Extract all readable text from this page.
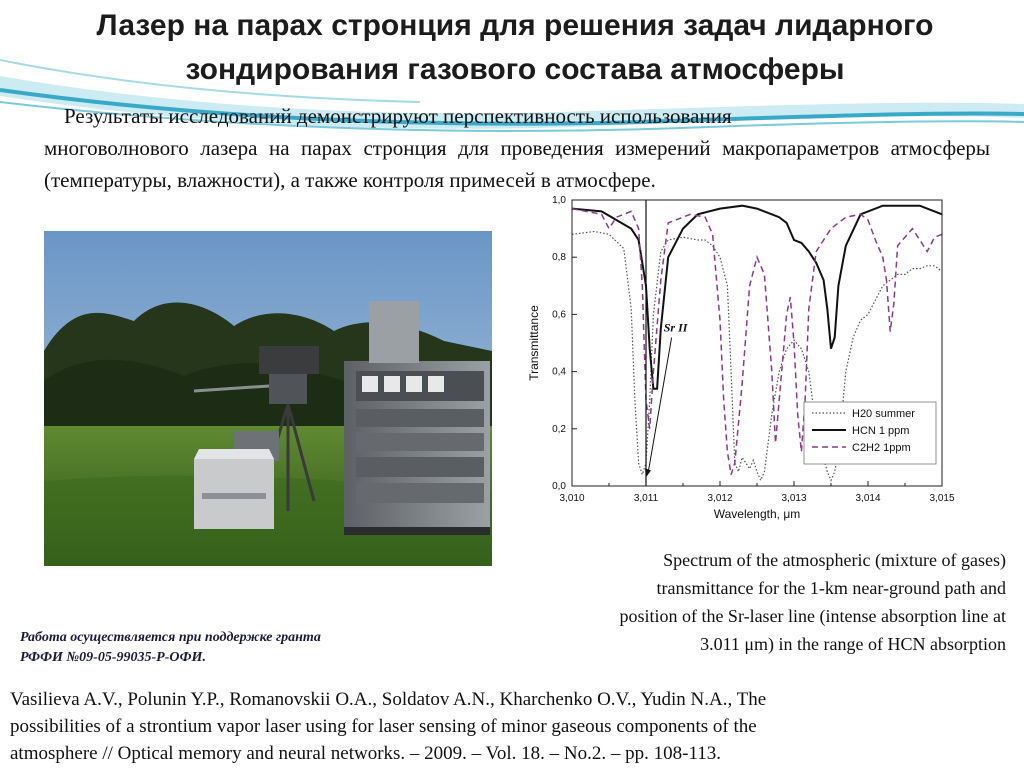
Лазер на парах стронция для решения задач лидарного
зондирования газового состава атмосферы

Результаты исследований демонстрируют перспективность использования
многоволнового лазера на парах стронция для проведения измерений макропараметров атмосферы (температуры, влажности), а также контроля примесей в атмосфере.

3,010	3,011	3,012	3,013	3,014	3,015
0,0
0,2
0,4
0,6
0,8
1,0
Sr II
H20 summer
HCN 1 ppm
C2H2 1ppm
Transmittance
Wavelength, μm

Spectrum of the atmospheric (mixture of gases)
transmittance for the 1-km near-ground path and
position of the Sr-laser line (intense absorption line at
3.011 μm) in the range of HCN absorption

Работа осуществляется при поддержке гранта
РФФИ №09-05-99035-Р-ОФИ.

Vasilieva A.V., Polunin Y.P., Romanovskii O.A., Soldatov A.N., Kharchenko O.V., Yudin N.A., The
possibilities of a strontium vapor laser using for laser sensing of minor gaseous components of the
atmosphere // Optical memory and neural networks. – 2009. – Vol. 18. – No.2. – pp. 108-113.
